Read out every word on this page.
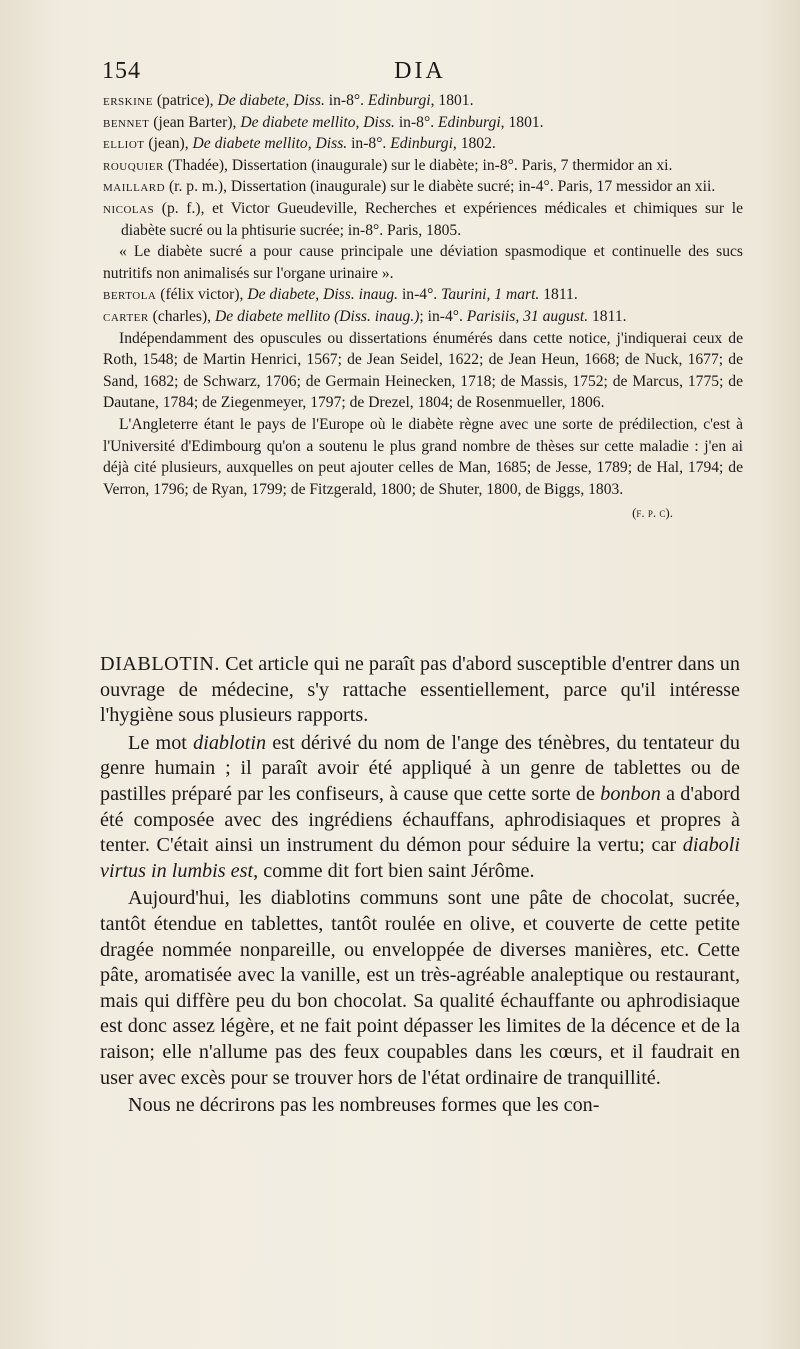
154	DIA

erskine (patrice), De diabete, Diss. in-8°. Edinburgi, 1801.

bennet (jean Barter), De diabete mellito, Diss. in-8°. Edinburgi, 1801.

elliot (jean), De diabete mellito, Diss. in-8°. Edinburgi, 1802.

rouquier (Thadée), Dissertation (inaugurale) sur le diabète; in-8°. Paris, 7 thermidor an xi.

maillard (r. p. m.), Dissertation (inaugurale) sur le diabète sucré; in-4°. Paris, 17 messidor an xii.

nicolas (p. f.), et Victor Gueudeville, Recherches et expériences médicales et chimiques sur le diabète sucré ou la phtisurie sucrée; in-8°. Paris, 1805.

« Le diabète sucré a pour cause principale une déviation spasmodique et continuelle des sucs nutritifs non animalisés sur l'organe urinaire ».

bertola (félix victor), De diabete, Diss. inaug. in-4°. Taurini, 1 mart. 1811.

carter (charles), De diabete mellito (Diss. inaug.); in-4°. Parisiis, 31 august. 1811.

Indépendamment des opuscules ou dissertations énumérés dans cette notice, j'indiquerai ceux de Roth, 1548; de Martin Henrici, 1567; de Jean Seidel, 1622; de Jean Heun, 1668; de Nuck, 1677; de Sand, 1682; de Schwarz, 1706; de Germain Heinecken, 1718; de Massis, 1752; de Marcus, 1775; de Dautane, 1784; de Ziegenmeyer, 1797; de Drezel, 1804; de Rosenmueller, 1806.

L'Angleterre étant le pays de l'Europe où le diabète règne avec une sorte de prédilection, c'est à l'Université d'Edimbourg qu'on a soutenu le plus grand nombre de thèses sur cette maladie : j'en ai déjà cité plusieurs, auxquelles on peut ajouter celles de Man, 1685; de Jesse, 1789; de Hal, 1794; de Verron, 1796; de Ryan, 1799; de Fitzgerald, 1800; de Shuter, 1800, de Biggs, 1803.

(f. p. c).

DIABLOTIN. Cet article qui ne paraît pas d'abord susceptible d'entrer dans un ouvrage de médecine, s'y rattache essentiellement, parce qu'il intéresse l'hygiène sous plusieurs rapports.

Le mot diablotin est dérivé du nom de l'ange des ténèbres, du tentateur du genre humain ; il paraît avoir été appliqué à un genre de tablettes ou de pastilles préparé par les confiseurs, à cause que cette sorte de bonbon a d'abord été composée avec des ingrédiens échauffans, aphrodisiaques et propres à tenter. C'était ainsi un instrument du démon pour séduire la vertu; car diaboli virtus in lumbis est, comme dit fort bien saint Jérôme.

Aujourd'hui, les diablotins communs sont une pâte de chocolat, sucrée, tantôt étendue en tablettes, tantôt roulée en olive, et couverte de cette petite dragée nommée nonpareille, ou enveloppée de diverses manières, etc. Cette pâte, aromatisée avec la vanille, est un très-agréable analeptique ou restaurant, mais qui diffère peu du bon chocolat. Sa qualité échauffante ou aphrodisiaque est donc assez légère, et ne fait point dépasser les limites de la décence et de la raison; elle n'allume pas des feux coupables dans les cœurs, et il faudrait en user avec excès pour se trouver hors de l'état ordinaire de tranquillité.

Nous ne décrirons pas les nombreuses formes que les con-
